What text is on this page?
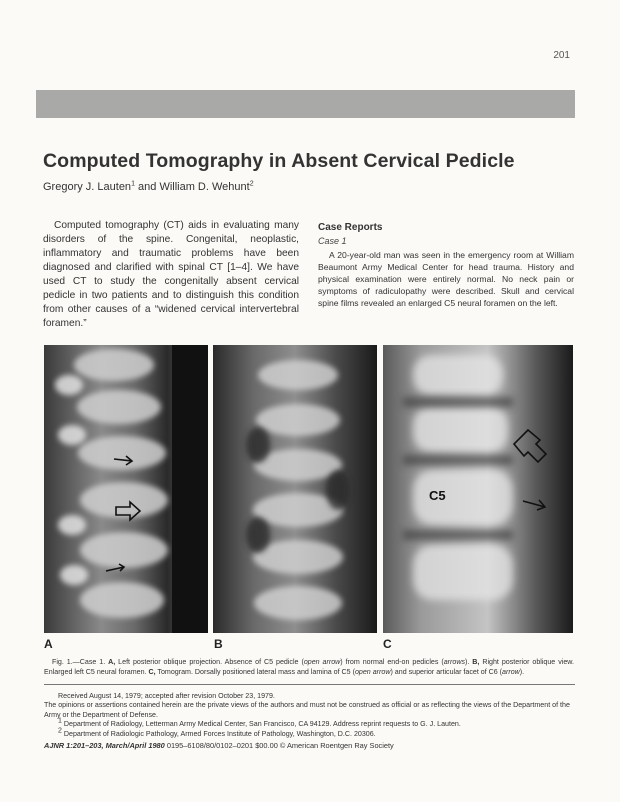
201
Computed Tomography in Absent Cervical Pedicle
Gregory J. Lauten$^1$ and William D. Wehunt$^2$
Computed tomography (CT) aids in evaluating many disorders of the spine. Congenital, neoplastic, inflammatory and traumatic problems have been diagnosed and clarified with spinal CT [1–4]. We have used CT to study the congenitally absent cervical pedicle in two patients and to distinguish this condition from other causes of a “widened cervical intervertebral foramen.”
Case Reports
Case 1
A 20-year-old man was seen in the emergency room at William Beaumont Army Medical Center for head trauma. History and physical examination were entirely normal. No neck pain or symptoms of radiculopathy were described. Skull and cervical spine films revealed an enlarged C5 neural foramen on the left.
C5
A	B	C
Fig. 1.—Case 1. A, Left posterior oblique projection. Absence of C5 pedicle (open arrow) from normal end-on pedicles (arrows). B, Right posterior oblique view. Enlarged left C5 neural foramen. C, Tomogram. Dorsally positioned lateral mass and lamina of C5 (open arrow) and superior articular facet of C6 (arrow).

Received August 14, 1979; accepted after revision October 23, 1979.

The opinions or assertions contained herein are the private views of the authors and must not be construed as official or as reflecting the views of the Department of the Army or the Department of Defense.

$^1$ Department of Radiology, Letterman Army Medical Center, San Francisco, CA 94129. Address reprint requests to G. J. Lauten.

$^2$ Department of Radiologic Pathology, Armed Forces Institute of Pathology, Washington, D.C. 20306.

AJNR 1:201–203, March/April 1980 0195–6108/80/0102–0201 $00.00 © American Roentgen Ray Society
